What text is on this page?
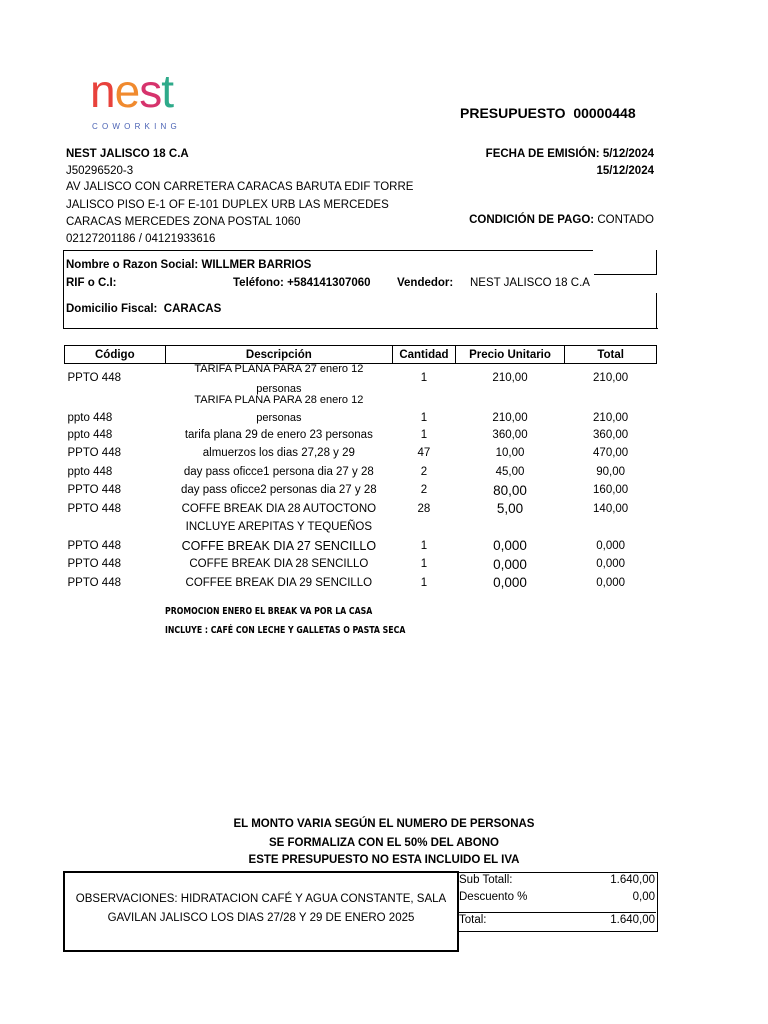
nest
COWORKING
PRESUPUESTO  00000448
NEST JALISCO 18 C.A
J50296520-3
AV JALISCO CON CARRETERA CARACAS BARUTA EDIF TORRE
JALISCO PISO E-1 OF E-101 DUPLEX URB LAS MERCEDES
CARACAS MERCEDES ZONA POSTAL 1060
02127201186 / 04121933616
FECHA DE EMISIÓN: 5/12/2024
15/12/2024
CONDICIÓN DE PAGO: CONTADO
Nombre o Razon Social: WILLMER BARRIOS
RIF o C.I:	Teléfono: +584141307060 Vendedor: NEST JALISCO 18 C.A
Domicilio Fiscal:  CARACAS
Código	Descripción	Cantidad	Precio Unitario	Total
PPTO 448	TARIFA PLANA PARA 27 enero 12
personas	1	210,00	210,00
ppto 448	TARIFA PLANA PARA 28 enero 12
personas	1	210,00	210,00
ppto 448	tarifa plana 29 de enero 23 personas	1	360,00	360,00
PPTO 448	almuerzos los dias 27,28 y 29	47	10,00	470,00
ppto 448	day pass oficce1 persona dia 27 y 28	2	45,00	90,00
PPTO 448	day pass oficce2 personas dia 27 y 28	2	80,00	160,00
PPTO 448	COFFE BREAK DIA 28 AUTOCTONO	28	5,00	140,00
	INCLUYE AREPITAS Y TEQUEÑOS			
PPTO 448	COFFE BREAK DIA 27 SENCILLO	1	0,000	0,000
PPTO 448	COFFE BREAK DIA 28 SENCILLO	1	0,000	0,000
PPTO 448	COFFEE BREAK DIA 29 SENCILLO	1	0,000	0,000
PROMOCION ENERO EL BREAK VA POR LA CASA
INCLUYE : CAFÉ CON LECHE Y GALLETAS O PASTA SECA
EL MONTO VARIA SEGÚN EL NUMERO DE PERSONAS
SE FORMALIZA CON EL 50% DEL ABONO
ESTE PRESUPUESTO NO ESTA INCLUIDO EL IVA
OBSERVACIONES: HIDRATACION CAFÉ Y AGUA CONSTANTE, SALA
GAVILAN JALISCO LOS DIAS 27/28 Y 29 DE ENERO 2025
Sub Totall:	1.640,00
Descuento %	0,00
Total:	1.640,00
